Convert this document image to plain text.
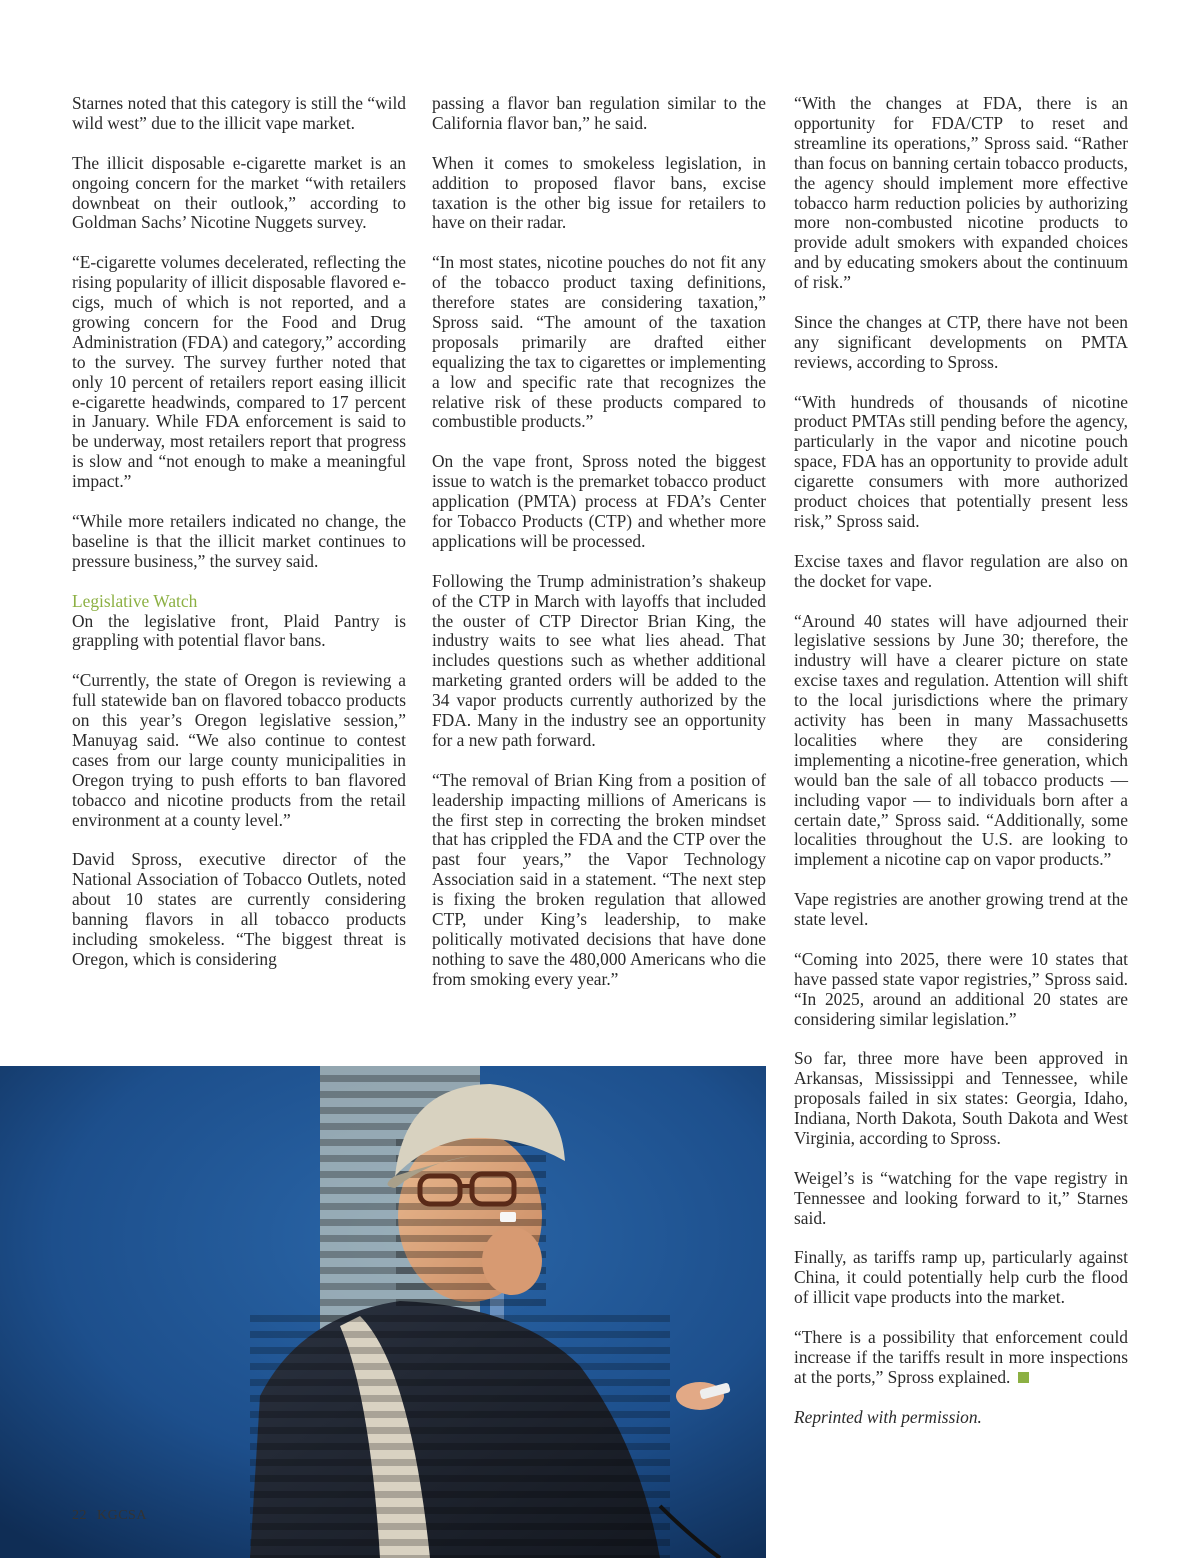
Starnes noted that this category is still the “wild wild west” due to the illicit vape market.

The illicit disposable e-cigarette market is an ongoing concern for the market “with retailers downbeat on their outlook,” according to Goldman Sachs’ Nicotine Nuggets survey.

“E-cigarette volumes decelerated, reflecting the rising popularity of illicit disposable flavored e-cigs, much of which is not reported, and a growing concern for the Food and Drug Administration (FDA) and category,” according to the survey. The survey further noted that only 10 percent of retailers report easing illicit e-cigarette headwinds, compared to 17 percent in January. While FDA enforcement is said to be underway, most retailers report that progress is slow and “not enough to make a meaningful impact.”

“While more retailers indicated no change, the baseline is that the illicit market continues to pressure business,” the survey said.

Legislative Watch

On the legislative front, Plaid Pantry is grappling with potential flavor bans.

“Currently, the state of Oregon is reviewing a full statewide ban on flavored tobacco products on this year’s Oregon legislative session,” Manuyag said. “We also continue to contest cases from our large county municipalities in Oregon trying to push efforts to ban flavored tobacco and nicotine products from the retail environment at a county level.”

David Spross, executive director of the National Association of Tobacco Outlets, noted about 10 states are currently considering banning flavors in all tobacco products including smokeless. “The biggest threat is Oregon, which is considering

passing a flavor ban regulation similar to the California flavor ban,” he said.

When it comes to smokeless legislation, in addition to proposed flavor bans, excise taxation is the other big issue for retailers to have on their radar.

“In most states, nicotine pouches do not fit any of the tobacco product taxing definitions, therefore states are considering taxation,” Spross said. “The amount of the taxation proposals primarily are drafted either equalizing the tax to cigarettes or implementing a low and specific rate that recognizes the relative risk of these products compared to combustible products.”

On the vape front, Spross noted the biggest issue to watch is the premarket tobacco product application (PMTA) process at FDA’s Center for Tobacco Products (CTP) and whether more applications will be processed.

Following the Trump administration’s shakeup of the CTP in March with layoffs that included the ouster of CTP Director Brian King, the industry waits to see what lies ahead. That includes questions such as whether additional marketing granted orders will be added to the 34 vapor products currently authorized by the FDA. Many in the industry see an opportunity for a new path forward.

“The removal of Brian King from a position of leadership impacting millions of Americans is the first step in correcting the broken mindset that has crippled the FDA and the CTP over the past four years,” the Vapor Technology Association said in a statement. “The next step is fixing the broken regulation that allowed CTP, under King’s leadership, to make politically motivated decisions that have done nothing to save the 480,000 Americans who die from smoking every year.”

“With the changes at FDA, there is an opportunity for FDA/CTP to reset and streamline its operations,” Spross said. “Rather than focus on banning certain tobacco products, the agency should implement more effective tobacco harm reduction policies by authorizing more non-combusted nicotine products to provide adult smokers with expanded choices and by educating smokers about the continuum of risk.”

Since the changes at CTP, there have not been any significant developments on PMTA reviews, according to Spross.

“With hundreds of thousands of nicotine product PMTAs still pending before the agency, particularly in the vapor and nicotine pouch space, FDA has an opportunity to provide adult cigarette consumers with more authorized product choices that potentially present less risk,” Spross said.

Excise taxes and flavor regulation are also on the docket for vape.

“Around 40 states will have adjourned their legislative sessions by June 30; therefore, the industry will have a clearer picture on state excise taxes and regulation. Attention will shift to the local jurisdictions where the primary activity has been in many Massachusetts localities where they are considering implementing a nicotine-free generation, which would ban the sale of all tobacco products — including vapor — to individuals born after a certain date,” Spross said. “Additionally, some localities throughout the U.S. are looking to implement a nicotine cap on vapor products.”

Vape registries are another growing trend at the state level.

“Coming into 2025, there were 10 states that have passed state vapor registries,” Spross said. “In 2025, around an additional 20 states are considering similar legislation.”

So far, three more have been approved in Arkansas, Mississippi and Tennessee, while proposals failed in six states: Georgia, Idaho, Indiana, North Dakota, South Dakota and West Virginia, according to Spross.

Weigel’s is “watching for the vape registry in Tennessee and looking forward to it,” Starnes said.

Finally, as tariffs ramp up, particularly against China, it could potentially help curb the flood of illicit vape products into the market.

“There is a possibility that enforcement could increase if the tariffs result in more inspections at the ports,” Spross explained.

Reprinted with permission.

22 KGCSA
